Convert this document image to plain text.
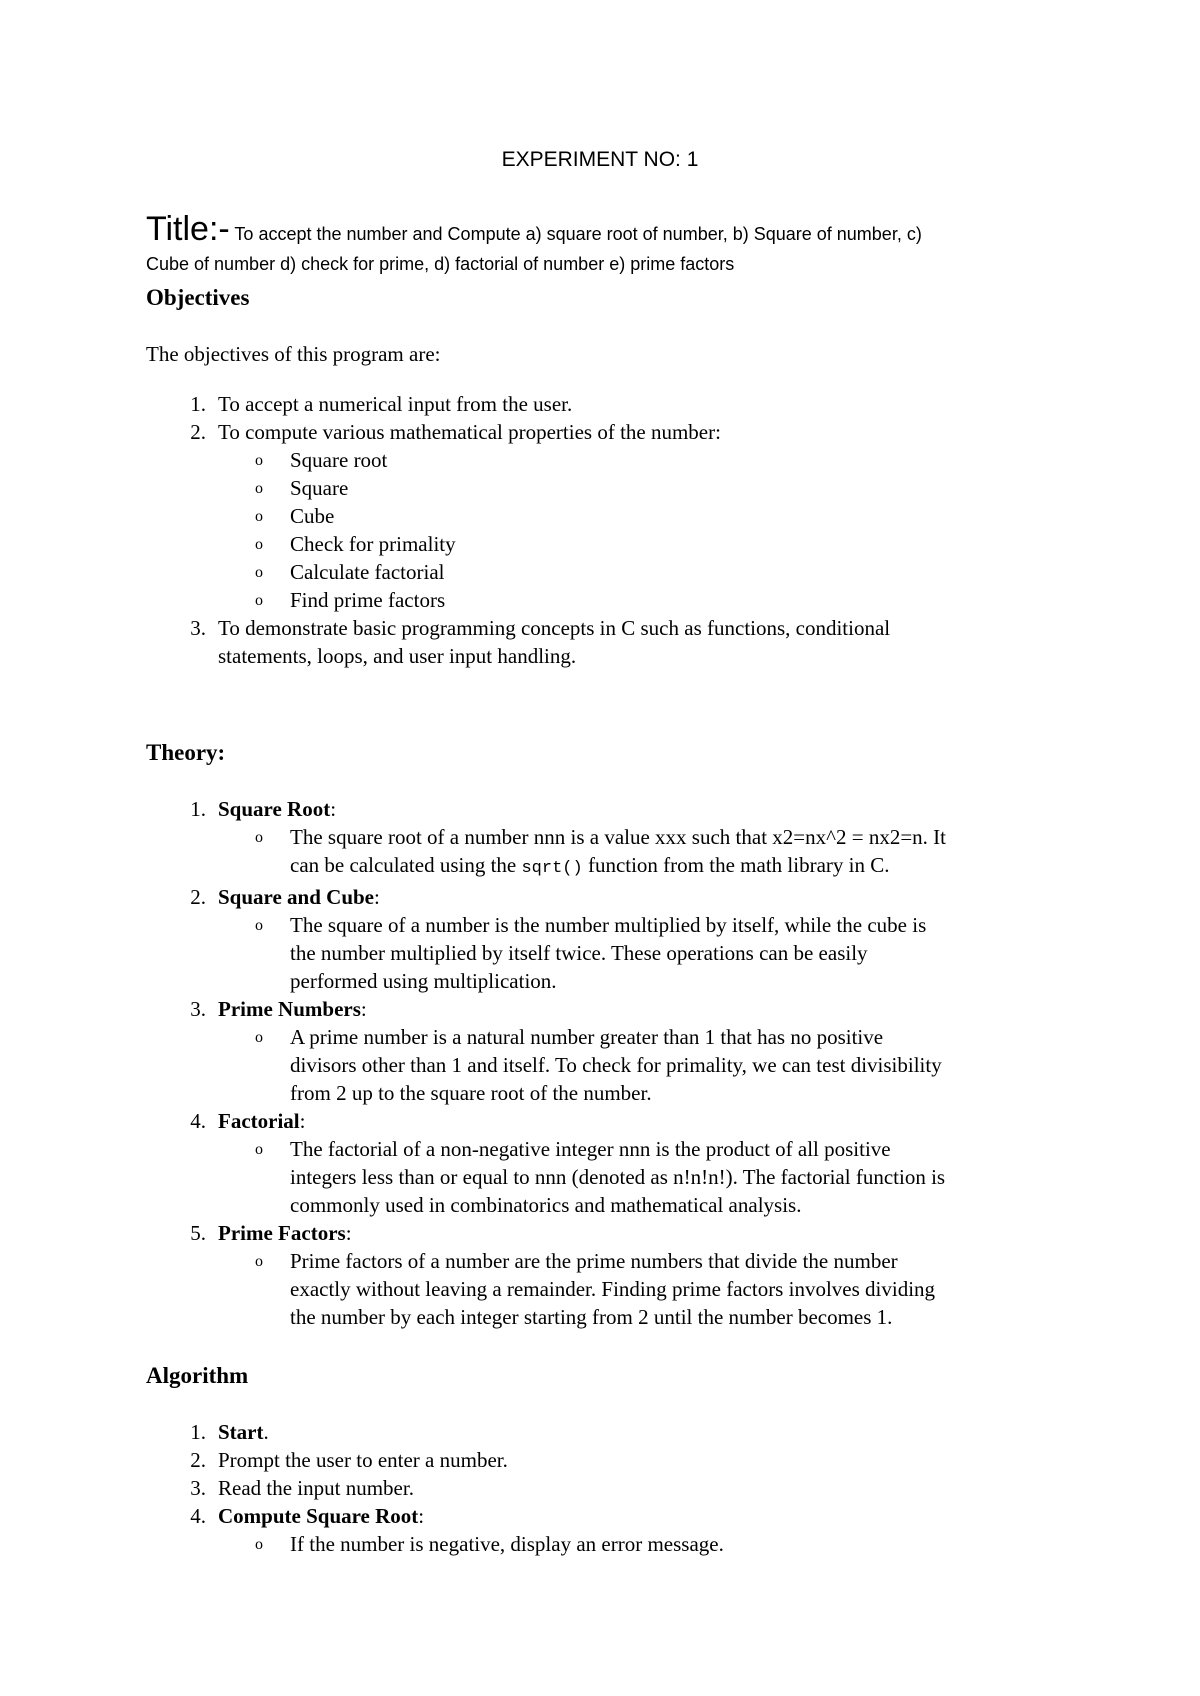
EXPERIMENT NO: 1
Title:- To accept the number and Compute a) square root of number, b) Square of number, c)
Cube of number d) check for prime, d) factorial of number e) prime factors
Objectives
The objectives of this program are:
1. To accept a numerical input from the user.
2. To compute various mathematical properties of the number:
o Square root
o Square
o Cube
o Check for primality
o Calculate factorial
o Find prime factors
3. To demonstrate basic programming concepts in C such as functions, conditional
statements, loops, and user input handling.
Theory:
1. Square Root:
o The square root of a number nnn is a value xxx such that x2=nx^2 = nx2=n. It
can be calculated using the sqrt() function from the math library in C.
2. Square and Cube:
o The square of a number is the number multiplied by itself, while the cube is
the number multiplied by itself twice. These operations can be easily
performed using multiplication.
3. Prime Numbers:
o A prime number is a natural number greater than 1 that has no positive
divisors other than 1 and itself. To check for primality, we can test divisibility
from 2 up to the square root of the number.
4. Factorial:
o The factorial of a non-negative integer nnn is the product of all positive
integers less than or equal to nnn (denoted as n!n!n!). The factorial function is
commonly used in combinatorics and mathematical analysis.
5. Prime Factors:
o Prime factors of a number are the prime numbers that divide the number
exactly without leaving a remainder. Finding prime factors involves dividing
the number by each integer starting from 2 until the number becomes 1.
Algorithm
1. Start.
2. Prompt the user to enter a number.
3. Read the input number.
4. Compute Square Root:
o If the number is negative, display an error message.
